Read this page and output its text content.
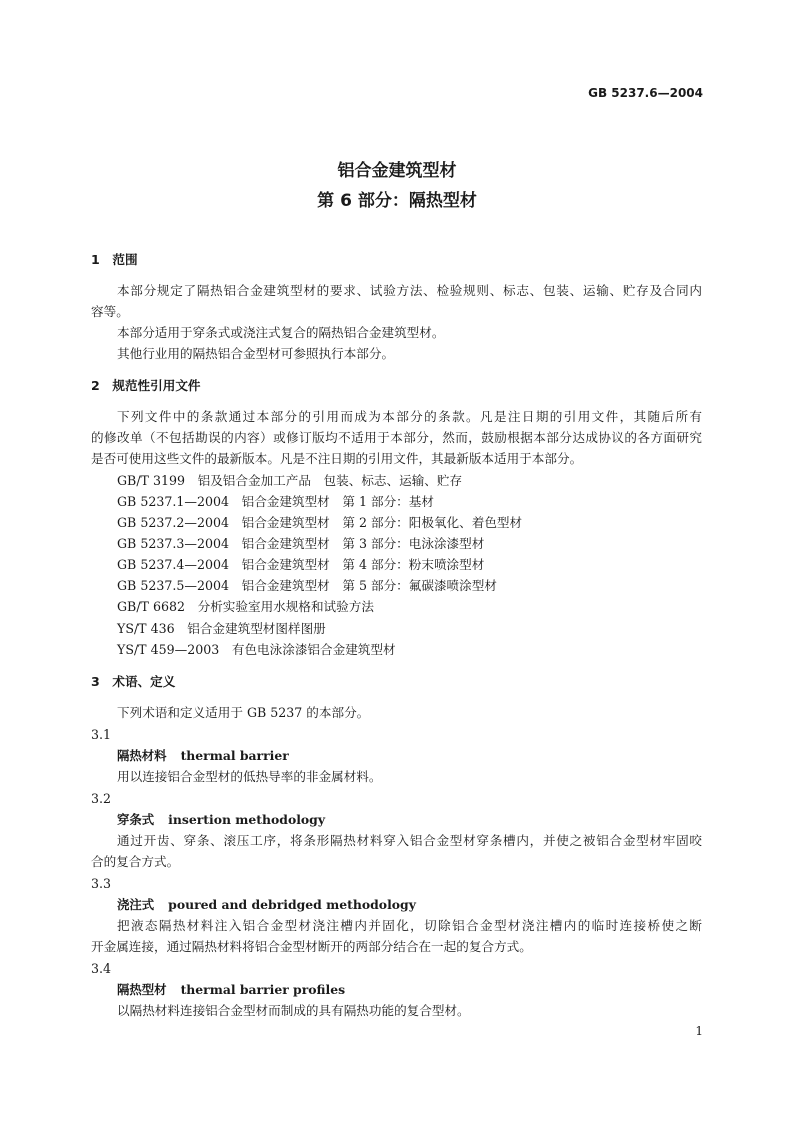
GB 5237.6—2004
铝合金建筑型材
第 6 部分：隔热型材
1　范围
本部分规定了隔热铝合金建筑型材的要求、试验方法、检验规则、标志、包装、运输、贮存及合同内
容等。
本部分适用于穿条式或浇注式复合的隔热铝合金建筑型材。
其他行业用的隔热铝合金型材可参照执行本部分。
2　规范性引用文件
下列文件中的条款通过本部分的引用而成为本部分的条款。凡是注日期的引用文件，其随后所有
的修改单（不包括勘误的内容）或修订版均不适用于本部分，然而，鼓励根据本部分达成协议的各方面研究
是否可使用这些文件的最新版本。凡是不注日期的引用文件，其最新版本适用于本部分。
GB/T 3199　铝及铝合金加工产品　包装、标志、运输、贮存
GB 5237.1—2004　铝合金建筑型材　第 1 部分：基材
GB 5237.2—2004　铝合金建筑型材　第 2 部分：阳极氧化、着色型材
GB 5237.3—2004　铝合金建筑型材　第 3 部分：电泳涂漆型材
GB 5237.4—2004　铝合金建筑型材　第 4 部分：粉末喷涂型材
GB 5237.5—2004　铝合金建筑型材　第 5 部分：氟碳漆喷涂型材
GB/T 6682　分析实验室用水规格和试验方法
YS/T 436　铝合金建筑型材图样图册
YS/T 459—2003　有色电泳涂漆铝合金建筑型材
3　术语、定义
下列术语和定义适用于 GB 5237 的本部分。
3.1
隔热材料 thermal barrier
用以连接铝合金型材的低热导率的非金属材料。
3.2
穿条式 insertion methodology
通过开齿、穿条、滚压工序，将条形隔热材料穿入铝合金型材穿条槽内，并使之被铝合金型材牢固咬
合的复合方式。
3.3
浇注式 poured and debridged methodology
把液态隔热材料注入铝合金型材浇注槽内并固化，切除铝合金型材浇注槽内的临时连接桥使之断
开金属连接，通过隔热材料将铝合金型材断开的两部分结合在一起的复合方式。
3.4
隔热型材 thermal barrier profiles
以隔热材料连接铝合金型材而制成的具有隔热功能的复合型材。
1
